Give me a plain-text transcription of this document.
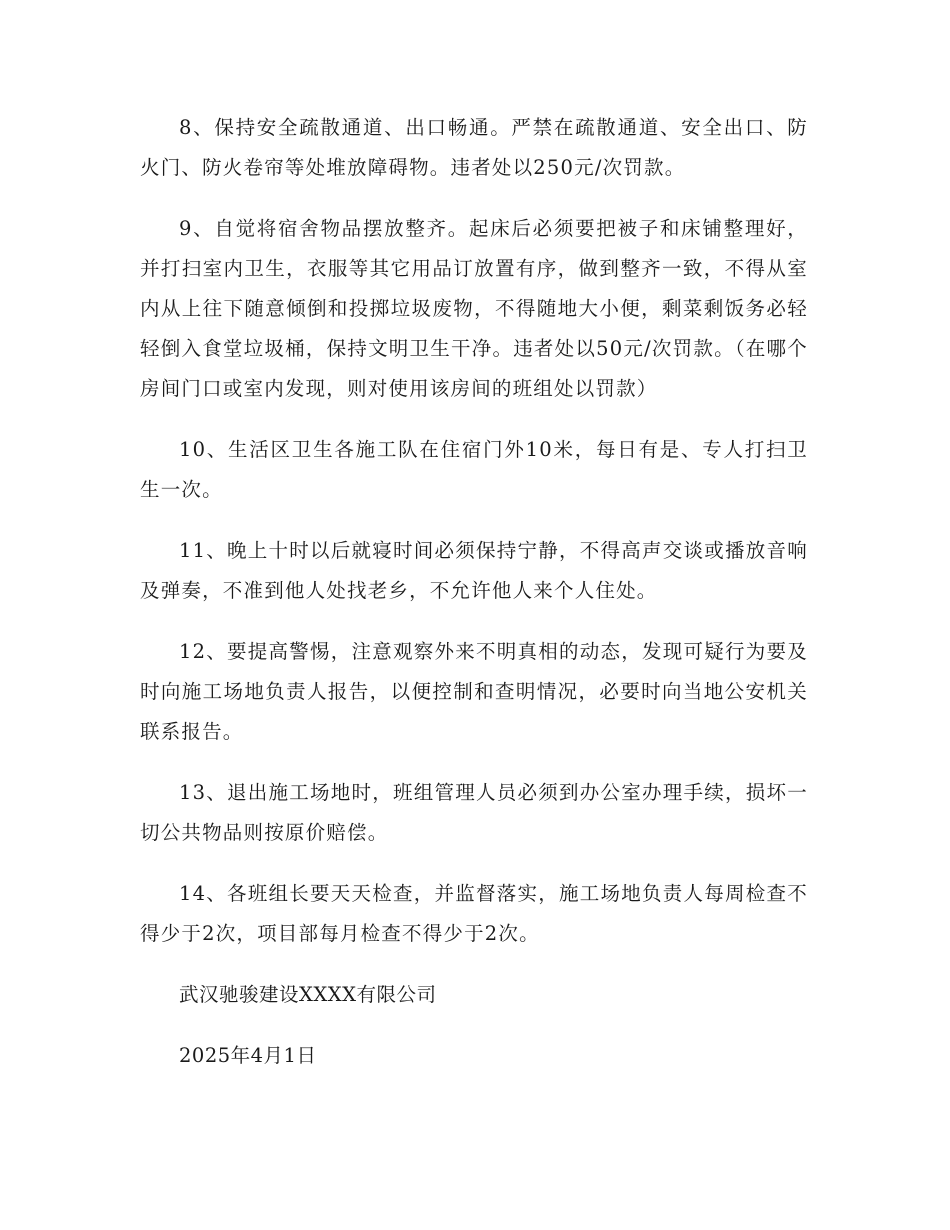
8、保持安全疏散通道、出口畅通。严禁在疏散通道、安全出口、防火门、防火卷帘等处堆放障碍物。违者处以250元/次罚款。

9、自觉将宿舍物品摆放整齐。起床后必须要把被子和床铺整理好，并打扫室内卫生，衣服等其它用品订放置有序，做到整齐一致，不得从室内从上往下随意倾倒和投掷垃圾废物，不得随地大小便，剩菜剩饭务必轻轻倒入食堂垃圾桶，保持文明卫生干净。违者处以50元/次罚款。（在哪个房间门口或室内发现，则对使用该房间的班组处以罚款）

10、生活区卫生各施工队在住宿门外10米，每日有是、专人打扫卫生一次。

11、晚上十时以后就寝时间必须保持宁静，不得高声交谈或播放音响及弹奏，不准到他人处找老乡，不允许他人来个人住处。

12、要提高警惕，注意观察外来不明真相的动态，发现可疑行为要及时向施工场地负责人报告，以便控制和查明情况，必要时向当地公安机关联系报告。

13、退出施工场地时，班组管理人员必须到办公室办理手续，损坏一切公共物品则按原价赔偿。

14、各班组长要天天检查，并监督落实，施工场地负责人每周检查不得少于2次，项目部每月检查不得少于2次。

武汉驰骏建设XXXX有限公司

2025年4月1日
